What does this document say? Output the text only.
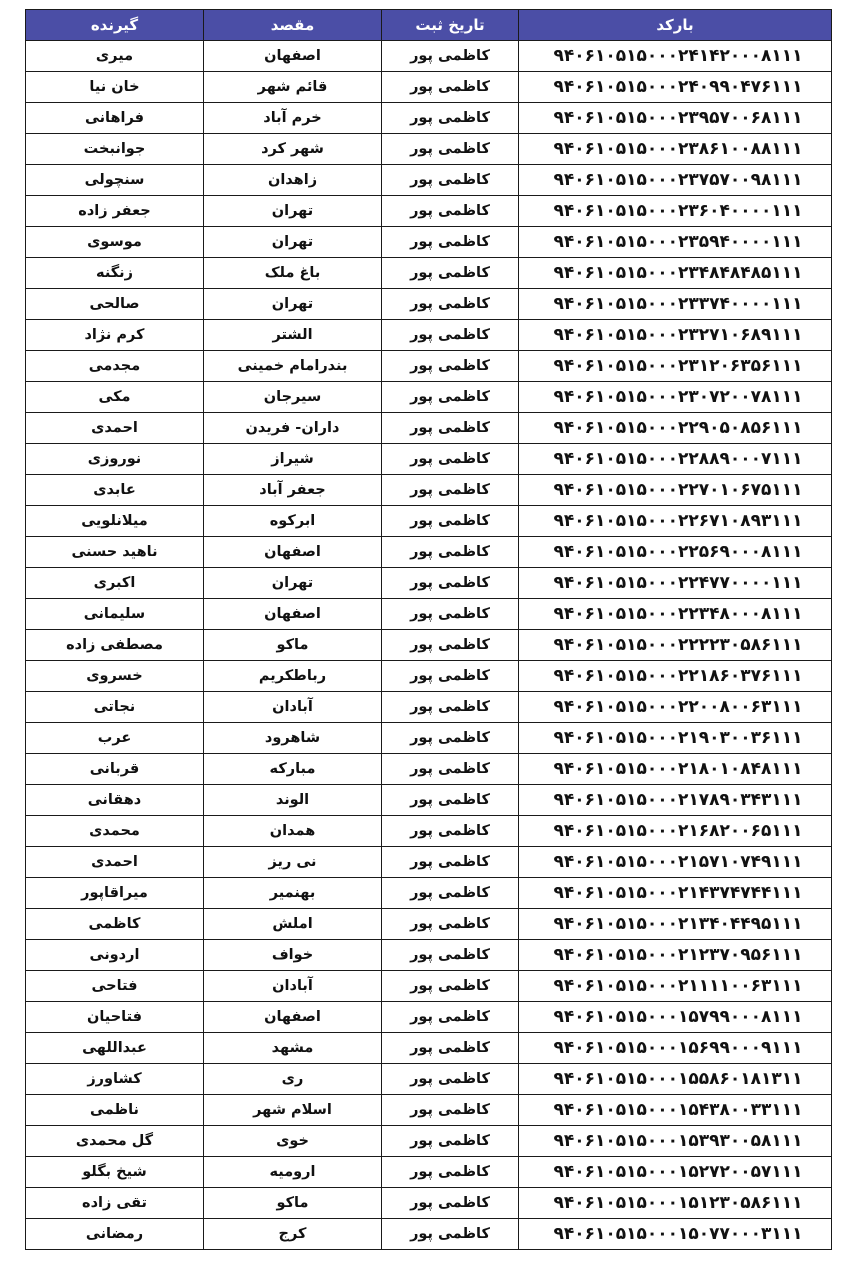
بارکد	تاریخ ثبت	مقصد	گیرنده
۹۴۰۶۱۰۵۱۵۰۰۰۲۴۱۴۲۰۰۰۸۱۱۱	کاظمی پور	اصفهان	میری
۹۴۰۶۱۰۵۱۵۰۰۰۲۴۰۹۹۰۴۷۶۱۱۱	کاظمی پور	قائم شهر	خان نیا
۹۴۰۶۱۰۵۱۵۰۰۰۲۳۹۵۷۰۰۶۸۱۱۱	کاظمی پور	خرم آباد	فراهانی
۹۴۰۶۱۰۵۱۵۰۰۰۲۳۸۶۱۰۰۸۸۱۱۱	کاظمی پور	شهر کرد	جوانبخت
۹۴۰۶۱۰۵۱۵۰۰۰۲۳۷۵۷۰۰۹۸۱۱۱	کاظمی پور	زاهدان	سنچولی
۹۴۰۶۱۰۵۱۵۰۰۰۲۳۶۰۴۰۰۰۰۱۱۱	کاظمی پور	تهران	جعفر زاده
۹۴۰۶۱۰۵۱۵۰۰۰۲۳۵۹۴۰۰۰۰۱۱۱	کاظمی پور	تهران	موسوی
۹۴۰۶۱۰۵۱۵۰۰۰۲۳۴۸۴۸۴۸۵۱۱۱	کاظمی پور	باغ ملک	زنگنه
۹۴۰۶۱۰۵۱۵۰۰۰۲۳۳۷۴۰۰۰۰۱۱۱	کاظمی پور	تهران	صالحی
۹۴۰۶۱۰۵۱۵۰۰۰۲۳۲۷۱۰۶۸۹۱۱۱	کاظمی پور	الشتر	کرم نژاد
۹۴۰۶۱۰۵۱۵۰۰۰۲۳۱۲۰۶۳۵۶۱۱۱	کاظمی پور	بندرامام خمینی	مجدمی
۹۴۰۶۱۰۵۱۵۰۰۰۲۳۰۷۲۰۰۷۸۱۱۱	کاظمی پور	سیرجان	مکی
۹۴۰۶۱۰۵۱۵۰۰۰۲۲۹۰۵۰۸۵۶۱۱۱	کاظمی پور	داران- فریدن	احمدی
۹۴۰۶۱۰۵۱۵۰۰۰۲۲۸۸۹۰۰۰۷۱۱۱	کاظمی پور	شیراز	نوروزی
۹۴۰۶۱۰۵۱۵۰۰۰۲۲۷۰۱۰۶۷۵۱۱۱	کاظمی پور	جعفر آباد	عابدی
۹۴۰۶۱۰۵۱۵۰۰۰۲۲۶۷۱۰۸۹۳۱۱۱	کاظمی پور	ابرکوه	میلانلویی
۹۴۰۶۱۰۵۱۵۰۰۰۲۲۵۶۹۰۰۰۸۱۱۱	کاظمی پور	اصفهان	ناهید حسنی
۹۴۰۶۱۰۵۱۵۰۰۰۲۲۴۷۷۰۰۰۰۱۱۱	کاظمی پور	تهران	اکبری
۹۴۰۶۱۰۵۱۵۰۰۰۲۲۳۴۸۰۰۰۸۱۱۱	کاظمی پور	اصفهان	سلیمانی
۹۴۰۶۱۰۵۱۵۰۰۰۲۲۲۲۳۰۵۸۶۱۱۱	کاظمی پور	ماکو	مصطفی زاده
۹۴۰۶۱۰۵۱۵۰۰۰۲۲۱۸۶۰۳۷۶۱۱۱	کاظمی پور	رباطکریم	خسروی
۹۴۰۶۱۰۵۱۵۰۰۰۲۲۰۰۸۰۰۶۳۱۱۱	کاظمی پور	آبادان	نجاتی
۹۴۰۶۱۰۵۱۵۰۰۰۲۱۹۰۳۰۰۳۶۱۱۱	کاظمی پور	شاهرود	عرب
۹۴۰۶۱۰۵۱۵۰۰۰۲۱۸۰۱۰۸۴۸۱۱۱	کاظمی پور	مبارکه	قربانی
۹۴۰۶۱۰۵۱۵۰۰۰۲۱۷۸۹۰۳۴۳۱۱۱	کاظمی پور	الوند	دهقانی
۹۴۰۶۱۰۵۱۵۰۰۰۲۱۶۸۲۰۰۶۵۱۱۱	کاظمی پور	همدان	محمدی
۹۴۰۶۱۰۵۱۵۰۰۰۲۱۵۷۱۰۷۴۹۱۱۱	کاظمی پور	نی ریز	احمدی
۹۴۰۶۱۰۵۱۵۰۰۰۲۱۴۳۷۴۷۴۴۱۱۱	کاظمی پور	بهنمیر	میراقاپور
۹۴۰۶۱۰۵۱۵۰۰۰۲۱۳۴۰۴۴۹۵۱۱۱	کاظمی پور	املش	کاظمی
۹۴۰۶۱۰۵۱۵۰۰۰۲۱۲۳۷۰۹۵۶۱۱۱	کاظمی پور	خواف	اردونی
۹۴۰۶۱۰۵۱۵۰۰۰۲۱۱۱۱۰۰۶۳۱۱۱	کاظمی پور	آبادان	فتاحی
۹۴۰۶۱۰۵۱۵۰۰۰۱۵۷۹۹۰۰۰۸۱۱۱	کاظمی پور	اصفهان	فتاحیان
۹۴۰۶۱۰۵۱۵۰۰۰۱۵۶۹۹۰۰۰۹۱۱۱	کاظمی پور	مشهد	عبداللهی
۹۴۰۶۱۰۵۱۵۰۰۰۱۵۵۸۶۰۱۸۱۳۱۱	کاظمی پور	ری	کشاورز
۹۴۰۶۱۰۵۱۵۰۰۰۱۵۴۳۸۰۰۳۳۱۱۱	کاظمی پور	اسلام شهر	ناظمی
۹۴۰۶۱۰۵۱۵۰۰۰۱۵۳۹۳۰۰۵۸۱۱۱	کاظمی پور	خوی	گل محمدی
۹۴۰۶۱۰۵۱۵۰۰۰۱۵۲۷۲۰۰۵۷۱۱۱	کاظمی پور	ارومیه	شیخ بگلو
۹۴۰۶۱۰۵۱۵۰۰۰۱۵۱۲۳۰۵۸۶۱۱۱	کاظمی پور	ماکو	تقی زاده
۹۴۰۶۱۰۵۱۵۰۰۰۱۵۰۷۷۰۰۰۳۱۱۱	کاظمی پور	کرج	رمضانی
